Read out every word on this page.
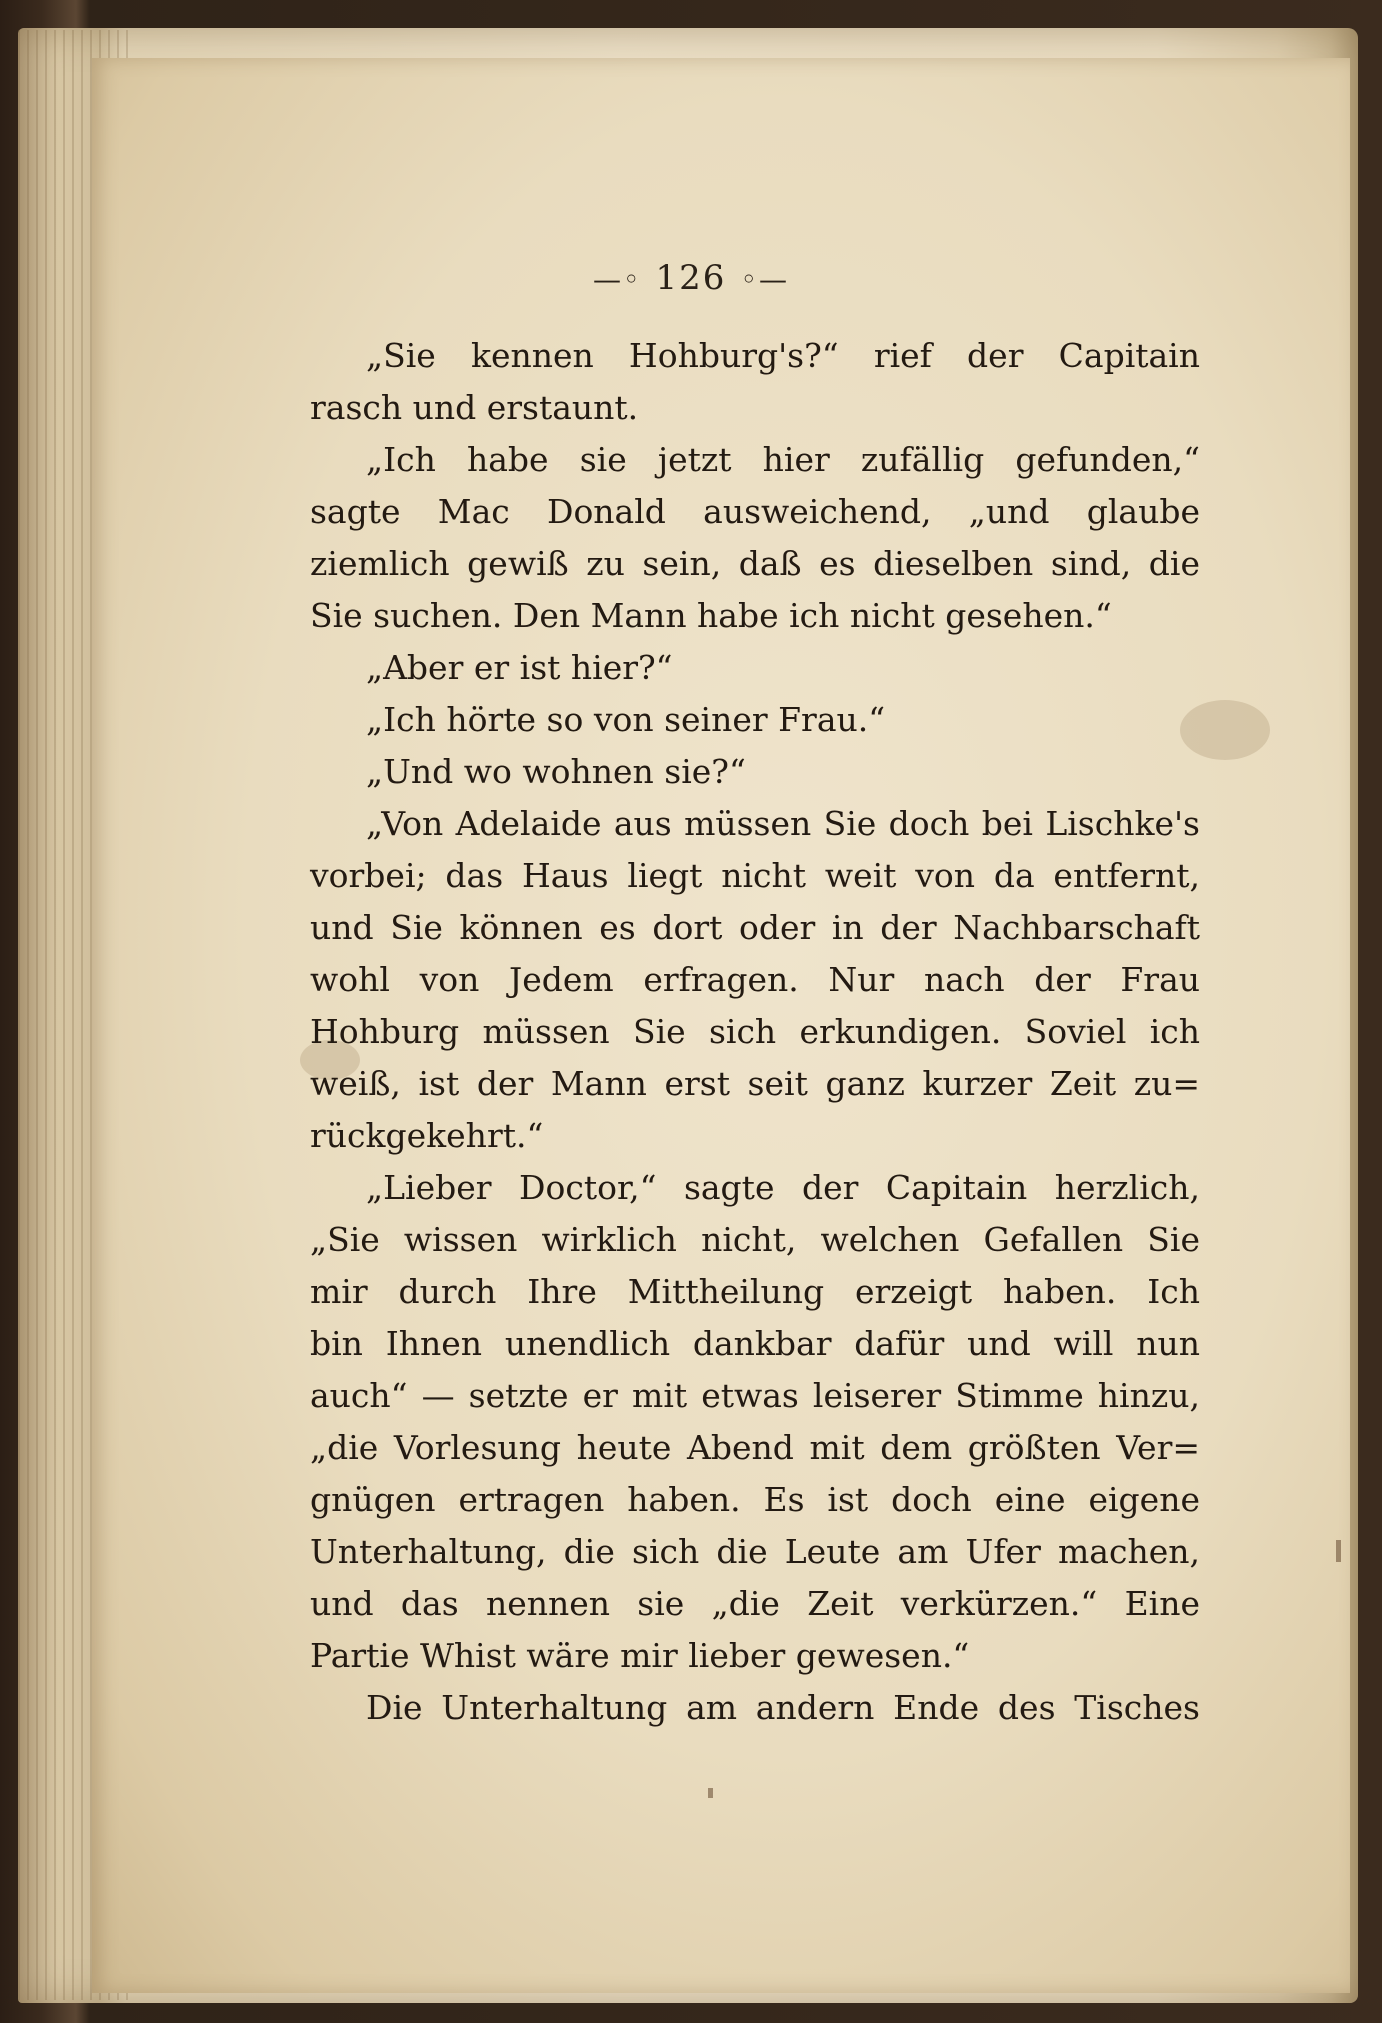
—◦ 126 ◦—
„Sie kennen Hohburg's?“ rief der Capitain
rasch und erstaunt.
„Ich habe sie jetzt hier zufällig gefunden,“
sagte Mac Donald ausweichend, „und glaube
ziemlich gewiß zu sein, daß es dieselben sind, die
Sie suchen. Den Mann habe ich nicht gesehen.“
„Aber er ist hier?“
„Ich hörte so von seiner Frau.“
„Und wo wohnen sie?“
„Von Adelaide aus müssen Sie doch bei Lischke's
vorbei; das Haus liegt nicht weit von da entfernt,
und Sie können es dort oder in der Nachbarschaft
wohl von Jedem erfragen. Nur nach der Frau
Hohburg müssen Sie sich erkundigen. Soviel ich
weiß, ist der Mann erst seit ganz kurzer Zeit zu=
rückgekehrt.“
„Lieber Doctor,“ sagte der Capitain herzlich,
„Sie wissen wirklich nicht, welchen Gefallen Sie
mir durch Ihre Mittheilung erzeigt haben. Ich
bin Ihnen unendlich dankbar dafür und will nun
auch“ — setzte er mit etwas leiserer Stimme hinzu,
„die Vorlesung heute Abend mit dem größten Ver=
gnügen ertragen haben. Es ist doch eine eigene
Unterhaltung, die sich die Leute am Ufer machen,
und das nennen sie „die Zeit verkürzen.“ Eine
Partie Whist wäre mir lieber gewesen.“
Die Unterhaltung am andern Ende des Tisches
